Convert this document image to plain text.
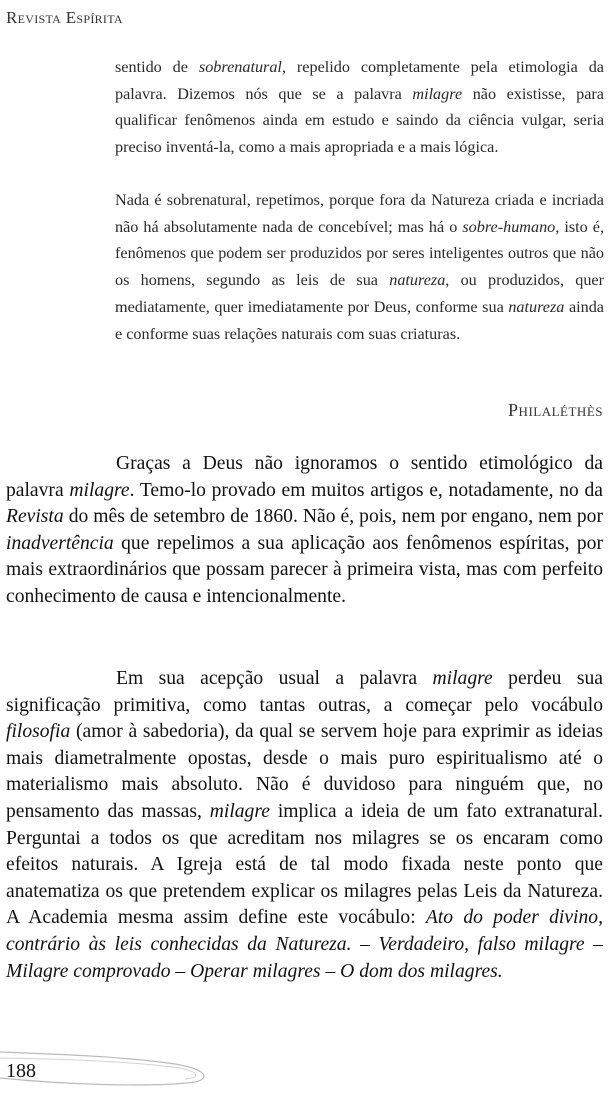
Revista Espírita

sentido de sobrenatural, repelido completamente pela etimologia da palavra. Dizemos nós que se a palavra milagre não existisse, para qualificar fenômenos ainda em estudo e saindo da ciência vulgar, seria preciso inventá-la, como a mais apropriada e a mais lógica.

Nada é sobrenatural, repetimos, porque fora da Natureza criada e incriada não há absolutamente nada de concebível; mas há o sobre-humano, isto é, fenômenos que podem ser produzidos por seres inteligentes outros que não os homens, segundo as leis de sua natureza, ou produzidos, quer mediatamente, quer imediatamente por Deus, conforme sua natureza ainda e conforme suas relações naturais com suas criaturas.

Philaléthès

Graças a Deus não ignoramos o sentido etimológico da palavra milagre. Temo-lo provado em muitos artigos e, notadamente, no da Revista do mês de setembro de 1860. Não é, pois, nem por engano, nem por inadvertência que repelimos a sua aplicação aos fenômenos espíritas, por mais extraordinários que possam parecer à primeira vista, mas com perfeito conhecimento de causa e intencionalmente.

Em sua acepção usual a palavra milagre perdeu sua significação primitiva, como tantas outras, a começar pelo vocábulo filosofia (amor à sabedoria), da qual se servem hoje para exprimir as ideias mais diametralmente opostas, desde o mais puro espiritualismo até o materialismo mais absoluto. Não é duvidoso para ninguém que, no pensamento das massas, milagre implica a ideia de um fato extranatural. Perguntai a todos os que acreditam nos milagres se os encaram como efeitos naturais. A Igreja está de tal modo fixada neste ponto que anatematiza os que pretendem explicar os milagres pelas Leis da Natureza. A Academia mesma assim define este vocábulo: Ato do poder divino, contrário às leis conhecidas da Natureza. – Verdadeiro, falso milagre – Milagre comprovado – Operar milagres – O dom dos milagres.

188
